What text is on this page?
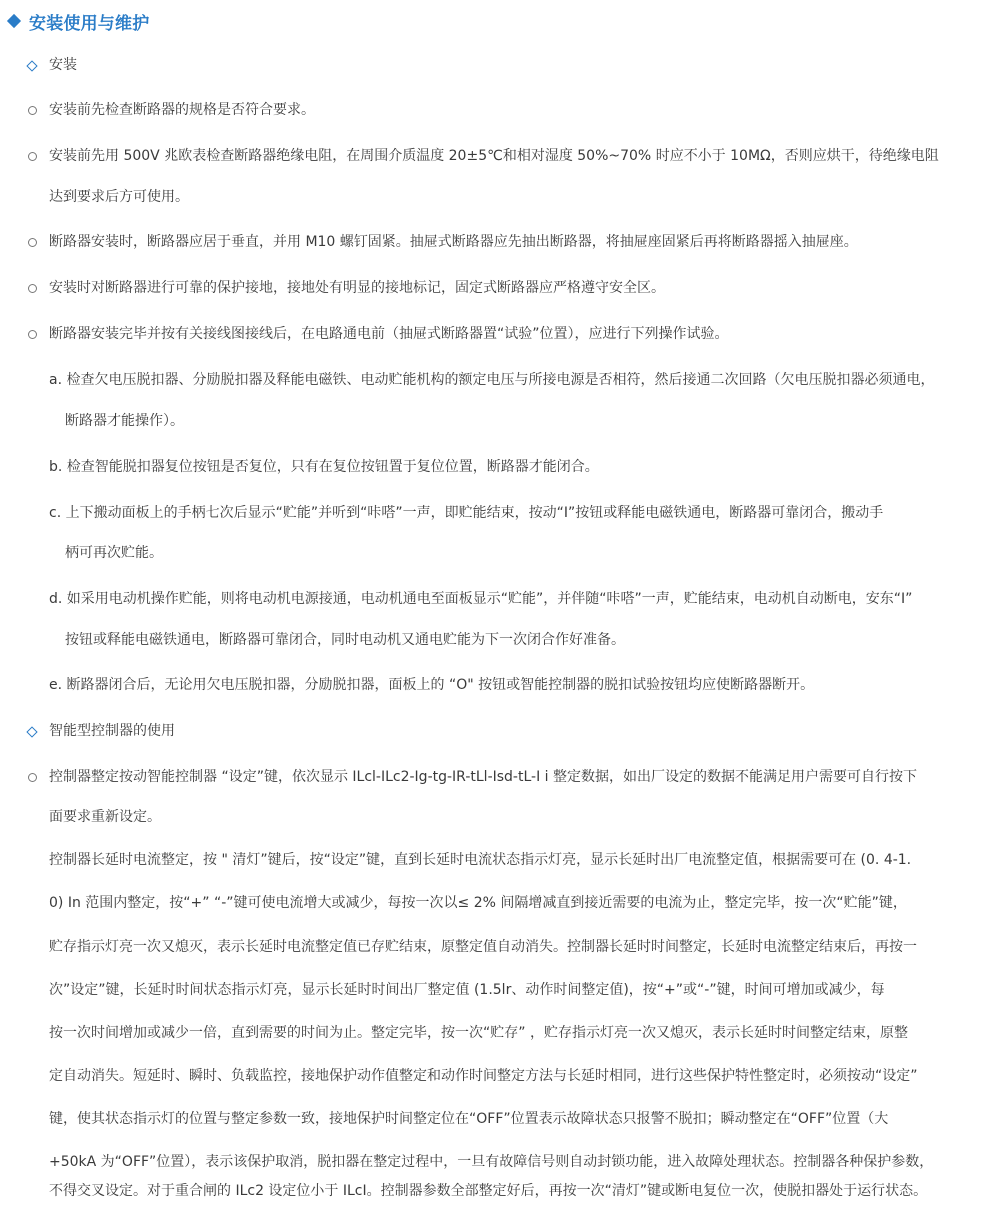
安装使用与维护
安装
安装前先检查断路器的规格是否符合要求。
安装前先用 500V 兆欧表检查断路器绝缘电阻，在周围介质温度 20±5℃和相对湿度 50%~70% 时应不小于 10MΩ，否则应烘干，待绝缘电阻
达到要求后方可使用。
断路器安装时，断路器应居于垂直，并用 M10 螺钉固紧。抽屉式断路器应先抽出断路器，将抽屉座固紧后再将断路器摇入抽屉座。
安装时对断路器进行可靠的保护接地，接地处有明显的接地标记，固定式断路器应严格遵守安全区。
断路器安装完毕并按有关接线图接线后，在电路通电前（抽屉式断路器置“试验”位置），应进行下列操作试验。
a. 检查欠电压脱扣器、分励脱扣器及释能电磁铁、电动贮能机构的额定电压与所接电源是否相符，然后接通二次回路（欠电压脱扣器必须通电，
断路器才能操作）。
b. 检查智能脱扣器复位按钮是否复位，只有在复位按钮置于复位位置，断路器才能闭合。
c. 上下搬动面板上的手柄七次后显示“贮能”并听到“咔嗒”一声，即贮能结束，按动“I”按钮或释能电磁铁通电，断路器可靠闭合，搬动手
柄可再次贮能。
d. 如采用电动机操作贮能，则将电动机电源接通，电动机通电至面板显示“贮能”，并伴随“咔嗒”一声，贮能结束，电动机自动断电，安东“I”
按钮或释能电磁铁通电，断路器可靠闭合，同时电动机又通电贮能为下一次闭合作好准备。
e. 断路器闭合后，无论用欠电压脱扣器，分励脱扣器，面板上的 “O" 按钮或智能控制器的脱扣试验按钮均应使断路器断开。
智能型控制器的使用
控制器整定按动智能控制器 “设定”键，依次显示 ILcl-ILc2-Ig-tg-IR-tLl-Isd-tL-I i 整定数据，如出厂设定的数据不能满足用户需要可自行按下
面要求重新设定。
控制器长延时电流整定，按 " 清灯”键后，按“设定”键，直到长延时电流状态指示灯亮，显示长延时出厂电流整定值，根据需要可在 (0. 4-1.
0) In 范围内整定，按“+” “-”键可使电流增大或减少，每按一次以≤ 2% 间隔增减直到接近需要的电流为止，整定完毕，按一次“贮能”键，
贮存指示灯亮一次又熄灭，表示长延时电流整定值已存贮结束，原整定值自动消失。控制器长延时时间整定，长延时电流整定结束后，再按一
次”设定”键，长延时时间状态指示灯亮，显示长延时时间出厂整定值 (1.5lr、动作时间整定值)，按“+”或“-”键，时间可增加或减少，每
按一次时间增加或减少一倍，直到需要的时间为止。整定完毕，按一次“贮存” ，贮存指示灯亮一次又熄灭，表示长延时时间整定结束，原整
定自动消失。短延时、瞬时、负载监控，接地保护动作值整定和动作时间整定方法与长延时相同，进行这些保护特性整定时，必须按动“设定”
键，使其状态指示灯的位置与整定参数一致，接地保护时间整定位在“OFF”位置表示故障状态只报警不脱扣；瞬动整定在“OFF”位置（大
+50kA 为“OFF”位置），表示该保护取消，脱扣器在整定过程中，一旦有故障信号则自动封锁功能，进入故障处理状态。控制器各种保护参数，
不得交叉设定。对于重合闸的 ILc2 设定位小于 ILcI。控制器参数全部整定好后，再按一次“清灯”键或断电复位一次，使脱扣器处于运行状态。
